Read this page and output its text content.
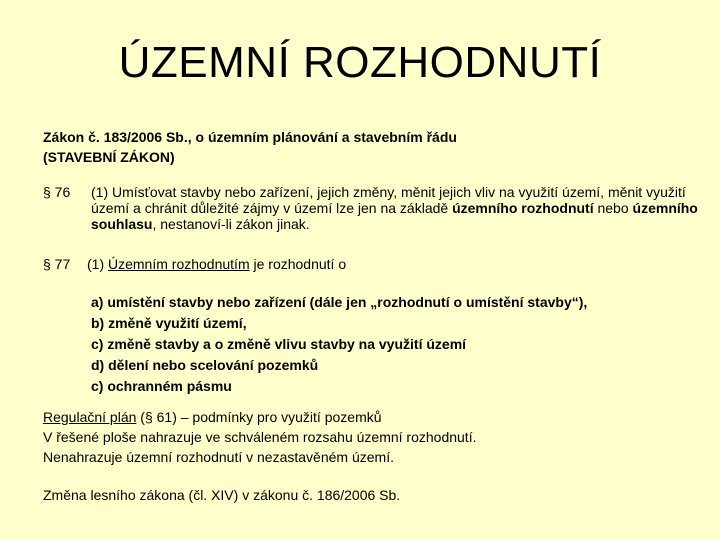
ÚZEMNÍ ROZHODNUTÍ
Zákon č. 183/2006 Sb., o územním plánování a stavebním řádu
(STAVEBNÍ ZÁKON)
§ 76 (1) Umísťovat stavby nebo zařízení, jejich změny, měnit jejich vliv na využití území, měnit využití území a chránit důležité zájmy v území lze jen na základě územního rozhodnutí nebo územního souhlasu, nestanoví-li zákon jinak.
§ 77 (1) Územním rozhodnutím je rozhodnutí o
a) umístění stavby nebo zařízení (dále jen „rozhodnutí o umístění stavby“),
b) změně využití území,
c) změně stavby a o změně vlivu stavby na využití území
d) dělení nebo scelování pozemků
c) ochranném pásmu
Regulační plán (§ 61) – podmínky pro využití pozemků
V řešené ploše nahrazuje ve schváleném rozsahu územní rozhodnutí.
Nenahrazuje územní rozhodnutí v nezastavěném území.
Změna lesního zákona (čl. XIV) v zákonu č. 186/2006 Sb.
